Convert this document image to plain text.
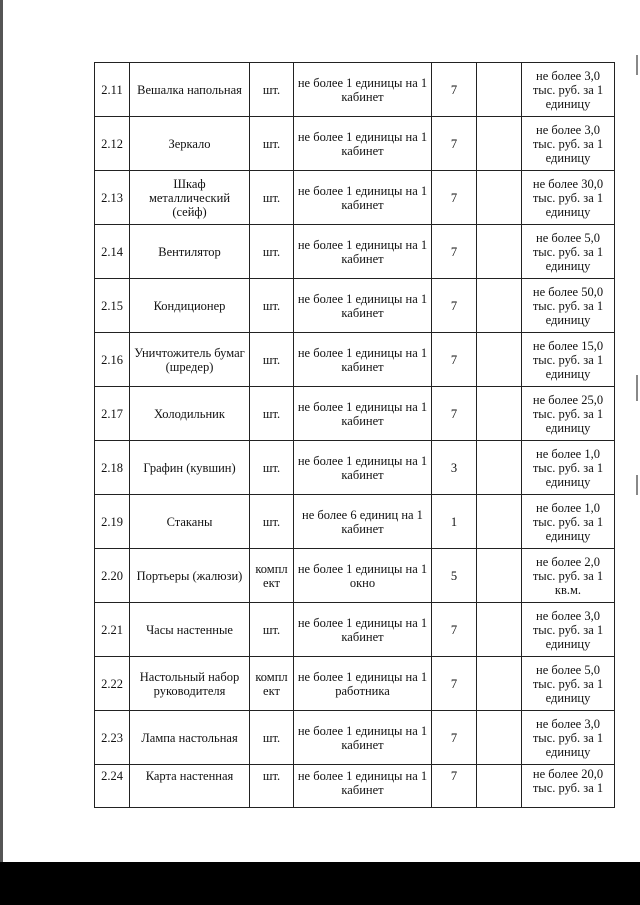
2.11	Вешалка напольная	шт.	не более 1 единицы на 1 кабинет	7		не более 3,0 тыс. руб. за 1 единицу
2.12	Зеркало	шт.	не более 1 единицы на 1 кабинет	7		не более 3,0 тыс. руб. за 1 единицу
2.13	Шкаф металлический (сейф)	шт.	не более 1 единицы на 1 кабинет	7		не более 30,0 тыс. руб. за 1 единицу
2.14	Вентилятор	шт.	не более 1 единицы на 1 кабинет	7		не более 5,0 тыс. руб. за 1 единицу
2.15	Кондиционер	шт.	не более 1 единицы на 1 кабинет	7		не более 50,0 тыс. руб. за 1 единицу
2.16	Уничтожитель бумаг (шредер)	шт.	не более 1 единицы на 1 кабинет	7		не более 15,0 тыс. руб. за 1 единицу
2.17	Холодильник	шт.	не более 1 единицы на 1 кабинет	7		не более 25,0 тыс. руб. за 1 единицу
2.18	Графин (кувшин)	шт.	не более 1 единицы на 1 кабинет	3		не более 1,0 тыс. руб. за 1 единицу
2.19	Стаканы	шт.	не более 6 единиц на 1 кабинет	1		не более 1,0 тыс. руб. за 1 единицу
2.20	Портьеры (жалюзи)	компл ект	не более 1 единицы на 1 окно	5		не более 2,0 тыс. руб. за 1 кв.м.
2.21	Часы настенные	шт.	не более 1 единицы на 1 кабинет	7		не более 3,0 тыс. руб. за 1 единицу
2.22	Настольный набор руководителя	компл ект	не более 1 единицы на 1 работника	7		не более 5,0 тыс. руб. за 1 единицу
2.23	Лампа настольная	шт.	не более 1 единицы на 1 кабинет	7		не более 3,0 тыс. руб. за 1 единицу
2.24	Карта настенная	шт.	не более 1 единицы на 1 кабинет	7		не более 20,0 тыс. руб. за 1
